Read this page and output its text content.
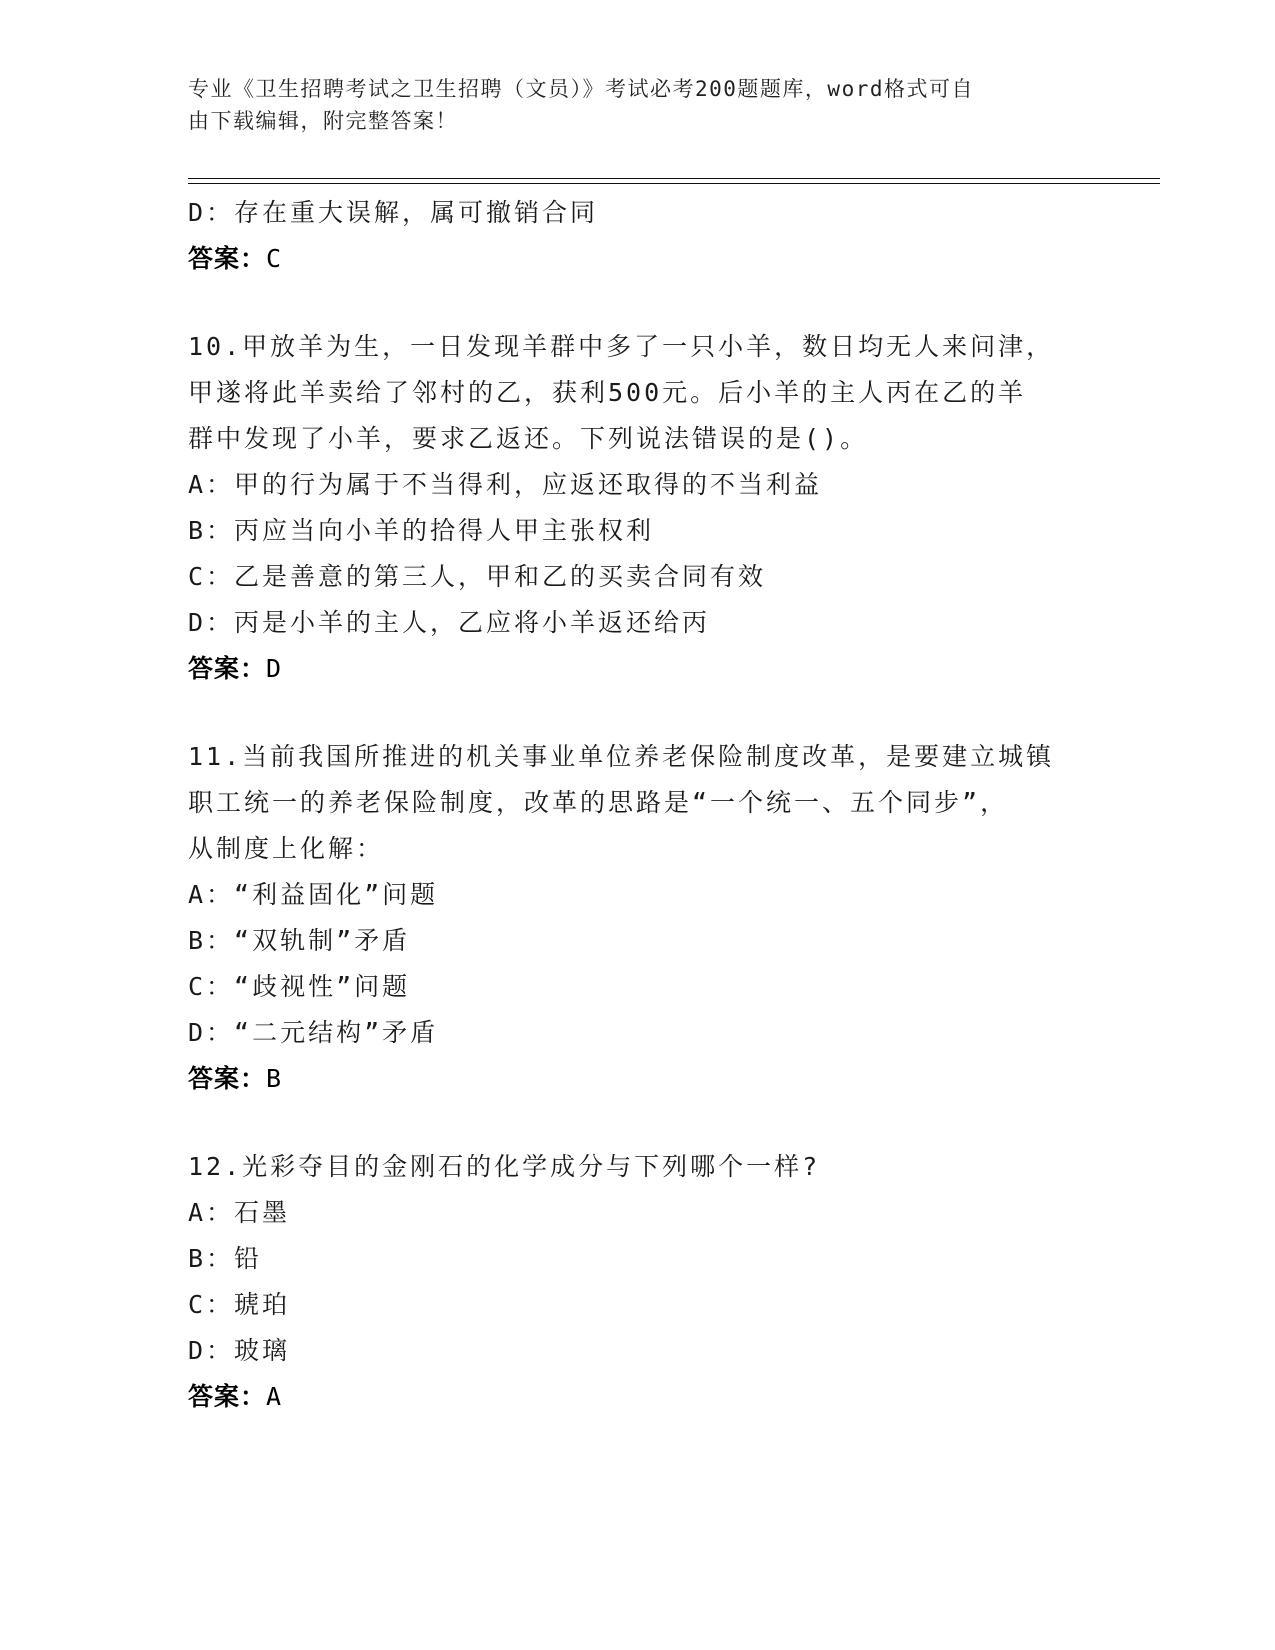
专业《卫生招聘考试之卫生招聘（文员）》考试必考200题题库，word格式可自
由下载编辑，附完整答案！
D：存在重大误解，属可撤销合同
答案：C
10.甲放羊为生，一日发现羊群中多了一只小羊，数日均无人来问津，
甲遂将此羊卖给了邻村的乙，获利500元。后小羊的主人丙在乙的羊
群中发现了小羊，要求乙返还。下列说法错误的是()。
A：甲的行为属于不当得利，应返还取得的不当利益
B：丙应当向小羊的拾得人甲主张权利
C：乙是善意的第三人，甲和乙的买卖合同有效
D：丙是小羊的主人，乙应将小羊返还给丙
答案：D
11.当前我国所推进的机关事业单位养老保险制度改革，是要建立城镇
职工统一的养老保险制度，改革的思路是“一个统一、五个同步”，
从制度上化解：
A：“利益固化”问题
B：“双轨制”矛盾
C：“歧视性”问题
D：“二元结构”矛盾
答案：B
12.光彩夺目的金刚石的化学成分与下列哪个一样?
A：石墨
B：铅
C：琥珀
D：玻璃
答案：A
